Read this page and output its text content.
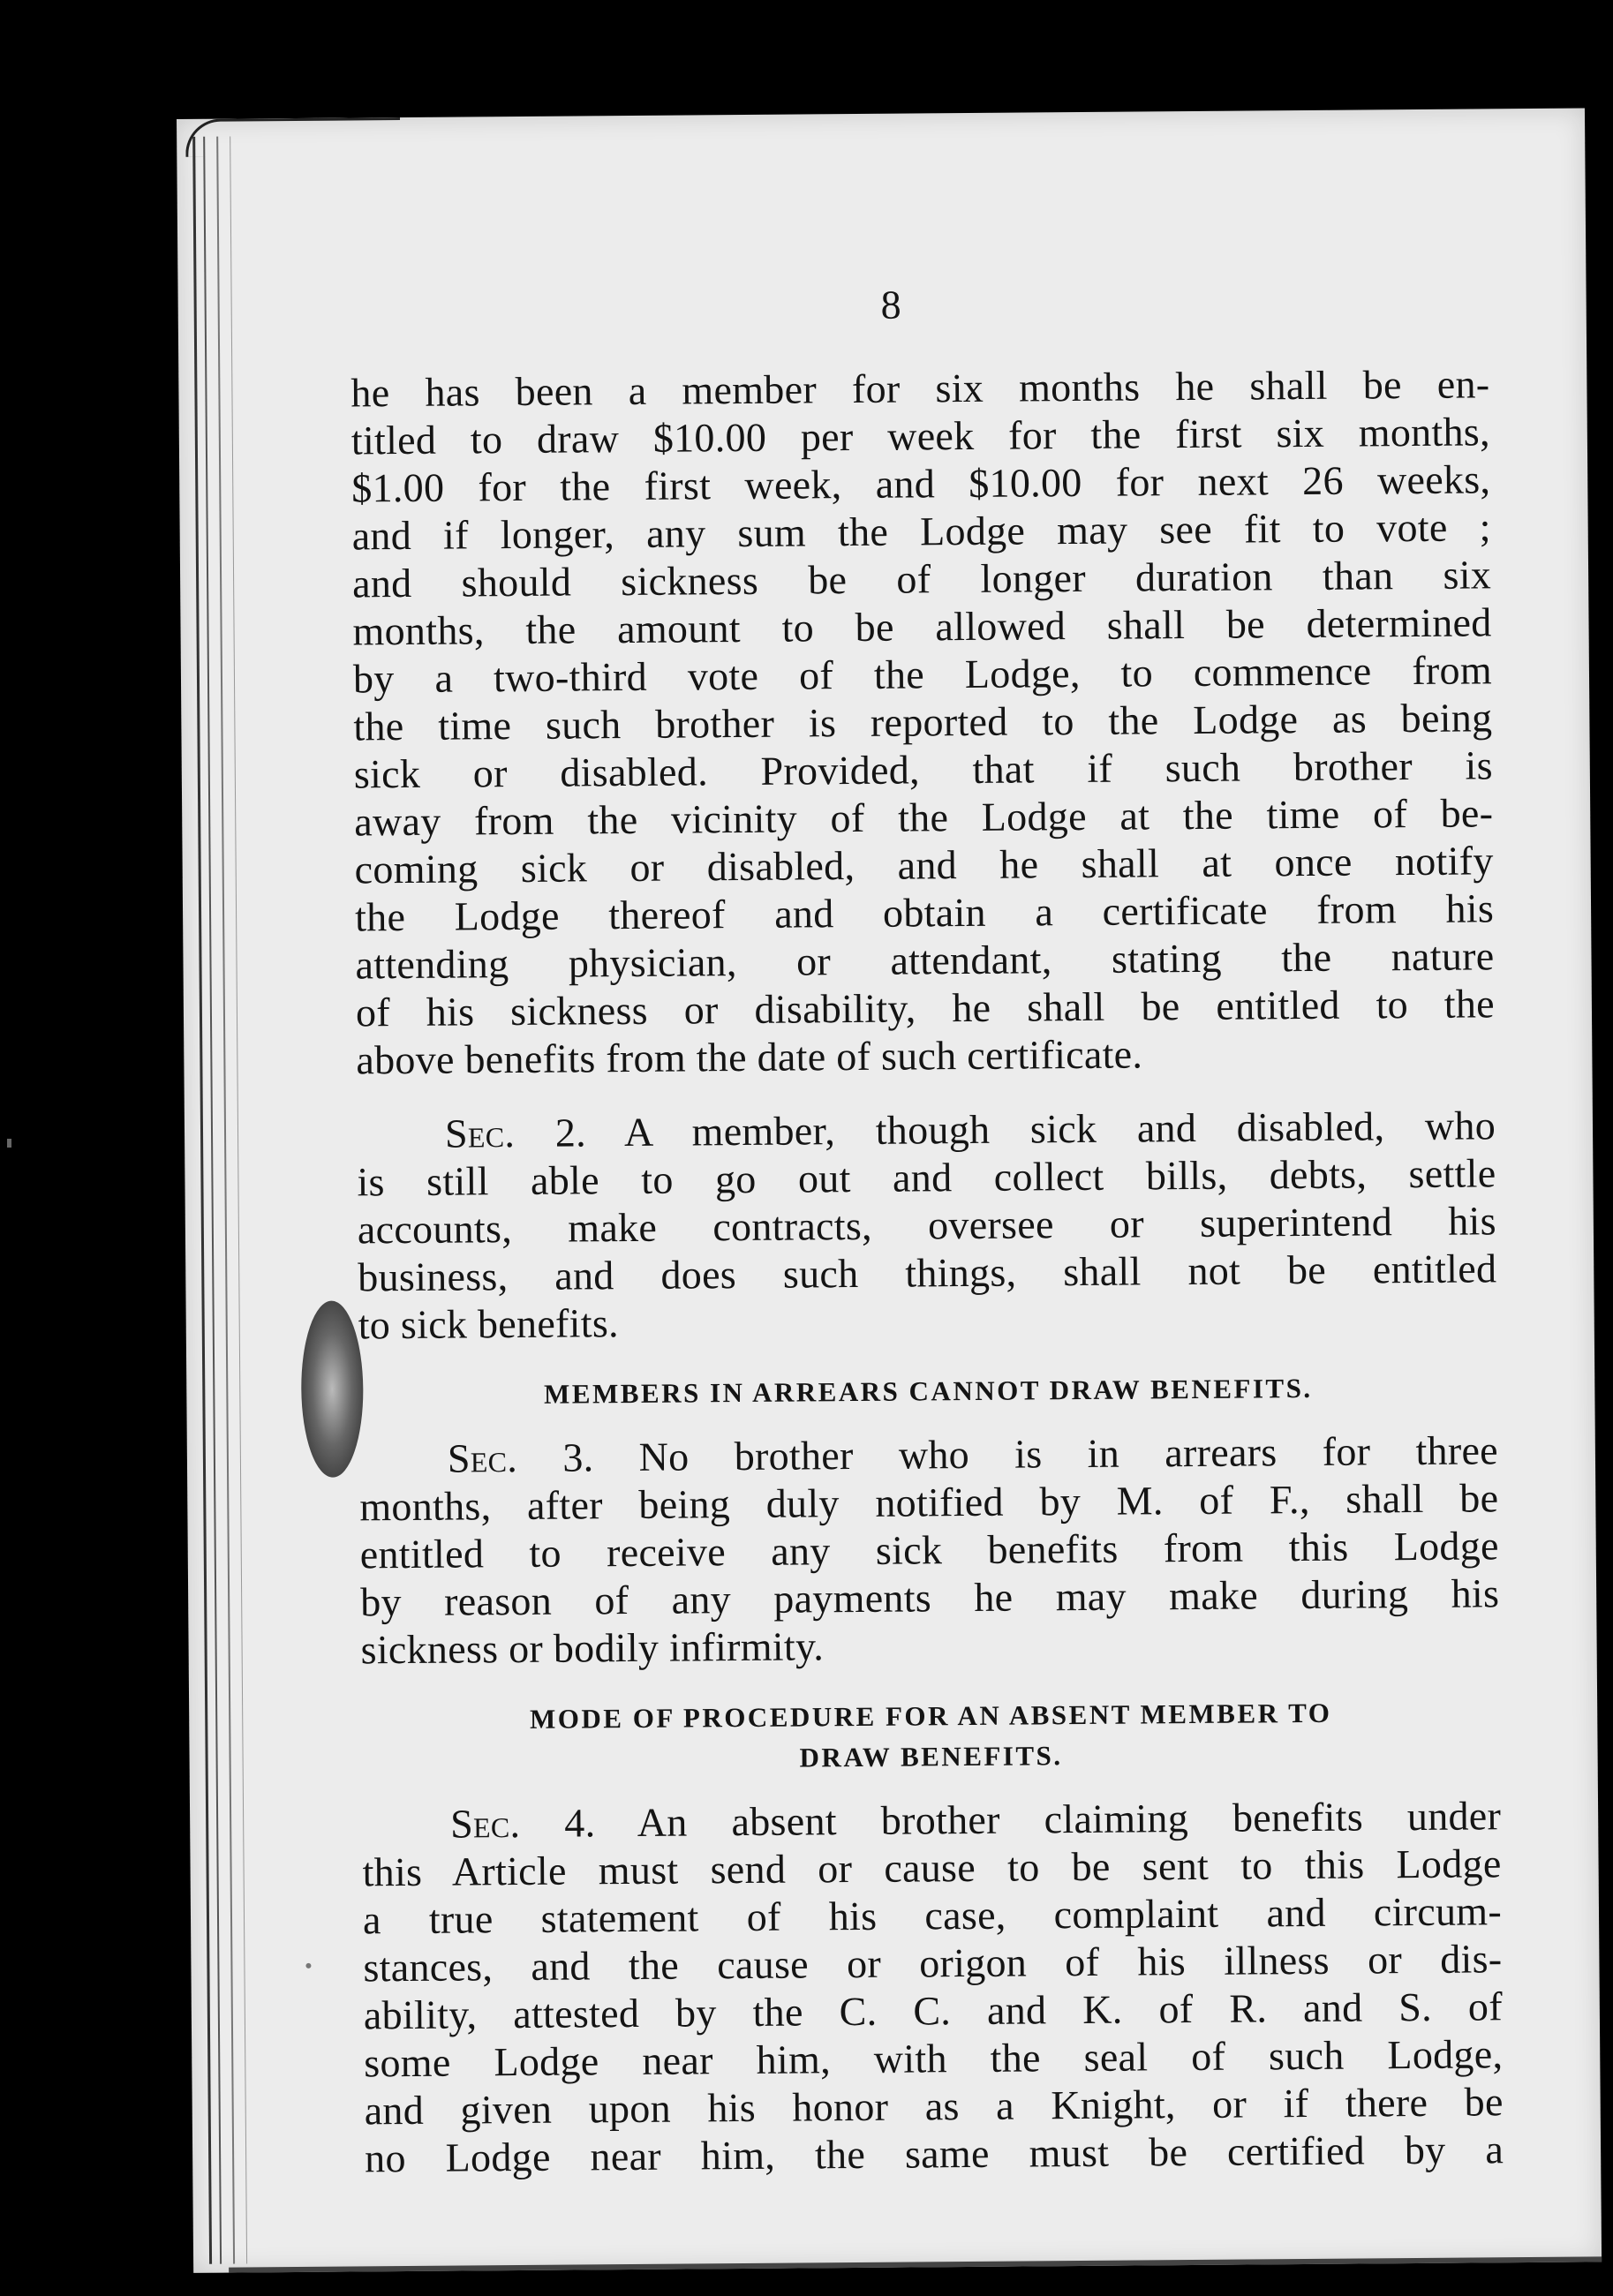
8
he has been a member for six months he shall be en-
titled to draw $10.00 per week for the first six months,
$1.00 for the first week, and $10.00 for next 26 weeks,
and if longer, any sum the Lodge may see fit to vote ;
and should sickness be of longer duration than six
months, the amount to be allowed shall be determined
by a two-third vote of the Lodge, to commence from
the time such brother is reported to the Lodge as being
sick or disabled. Provided, that if such brother is
away from the vicinity of the Lodge at the time of be-
coming sick or disabled, and he shall at once notify
the Lodge thereof and obtain a certificate from his
attending physician, or attendant, stating the nature
of his sickness or disability, he shall be entitled to the
above benefits from the date of such certificate.
Sec. 2. A member, though sick and disabled, who
is still able to go out and collect bills, debts, settle
accounts, make contracts, oversee or superintend his
business, and does such things, shall not be entitled
to sick benefits.
MEMBERS IN ARREARS CANNOT DRAW BENEFITS.
Sec. 3. No brother who is in arrears for three
months, after being duly notified by M. of F., shall be
entitled to receive any sick benefits from this Lodge
by reason of any payments he may make during his
sickness or bodily infirmity.
MODE OF PROCEDURE FOR AN ABSENT MEMBER TO
DRAW BENEFITS.
Sec. 4. An absent brother claiming benefits under
this Article must send or cause to be sent to this Lodge
a true statement of his case, complaint and circum-
stances, and the cause or origon of his illness or dis-
ability, attested by the C. C. and K. of R. and S. of
some Lodge near him, with the seal of such Lodge,
and given upon his honor as a Knight, or if there be
no Lodge near him, the same must be certified by a
